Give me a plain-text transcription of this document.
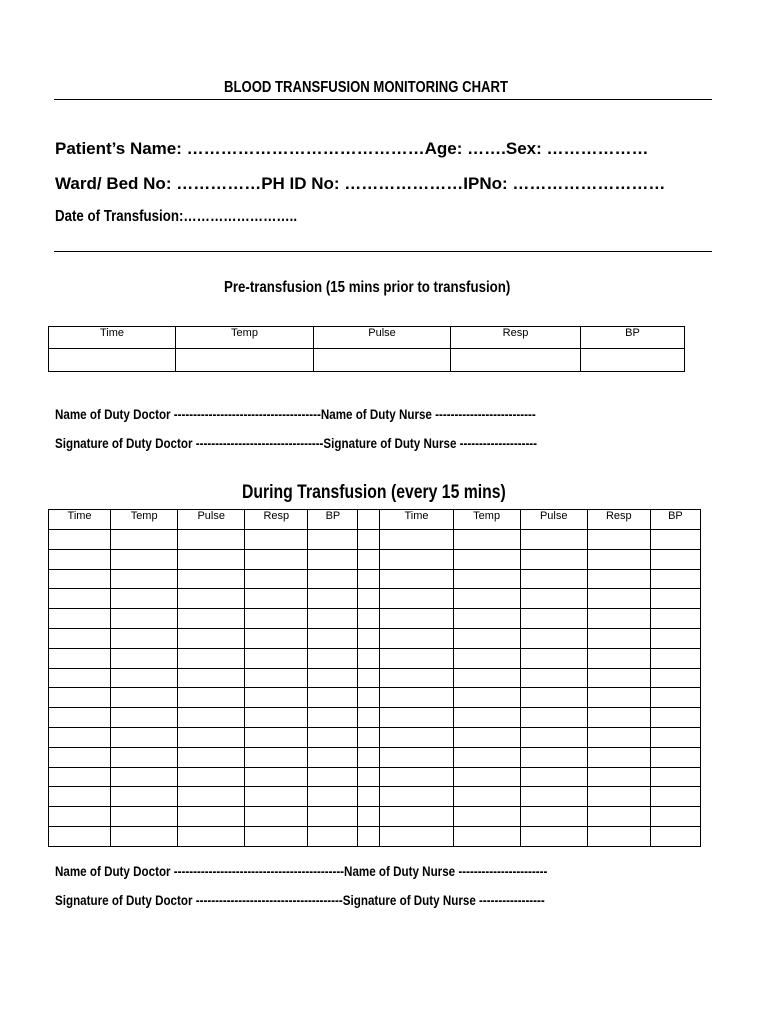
BLOOD TRANSFUSION MONITORING CHART
Patient’s Name: ……………………………………Age: …….Sex: ………………
Ward/ Bed No: ……………PH ID No: …………………IPNo: ………………………
Date of Transfusion:……………………..
Pre-transfusion (15 mins prior to transfusion)
Time	Temp	Pulse	Resp	BP

Name of Duty Doctor --------------------------------------Name of Duty Nurse --------------------------
Signature of Duty Doctor ---------------------------------Signature of Duty Nurse --------------------
During Transfusion (every 15 mins)
Time	Temp	Pulse	Resp	BP		Time	Temp	Pulse	Resp	BP

Name of Duty Doctor --------------------------------------------Name of Duty Nurse -----------------------
Signature of Duty Doctor --------------------------------------Signature of Duty Nurse -----------------
